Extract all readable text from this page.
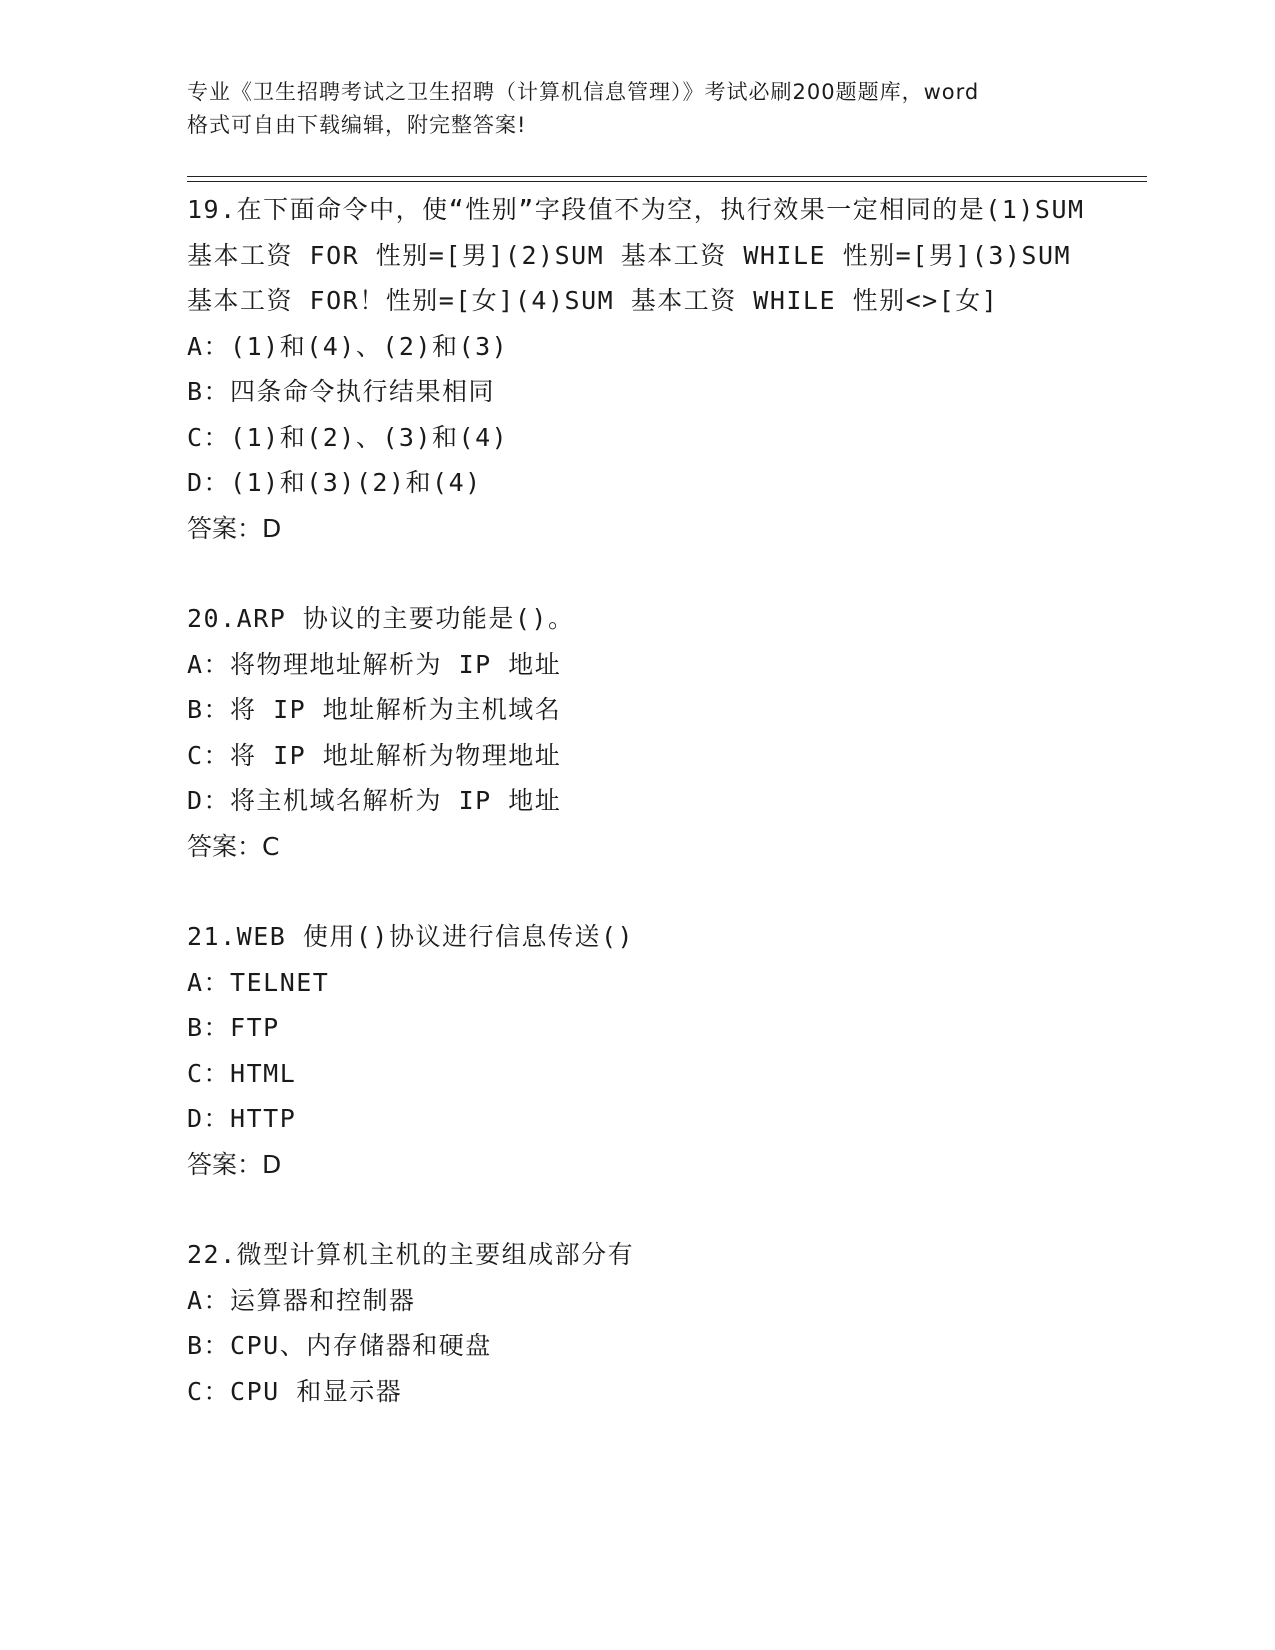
专业《卫生招聘考试之卫生招聘（计算机信息管理）》考试必刷200题题库，word
格式可自由下载编辑，附完整答案!
19.在下面命令中，使“性别”字段值不为空，执行效果一定相同的是(1)SUM 基本工资 FOR 性别=[男](2)SUM 基本工资 WHILE 性别=[男](3)SUM 基本工资 FOR！性别=[女](4)SUM 基本工资 WHILE 性别<>[女]
A：(1)和(4)、(2)和(3)
B：四条命令执行结果相同
C：(1)和(2)、(3)和(4)
D：(1)和(3)(2)和(4)
答案：D
20.ARP 协议的主要功能是()。
A：将物理地址解析为 IP 地址
B：将 IP 地址解析为主机域名
C：将 IP 地址解析为物理地址
D：将主机域名解析为 IP 地址
答案：C
21.WEB 使用()协议进行信息传送()
A：TELNET
B：FTP
C：HTML
D：HTTP
答案：D
22.微型计算机主机的主要组成部分有
A：运算器和控制器
B：CPU、内存储器和硬盘
C：CPU 和显示器
